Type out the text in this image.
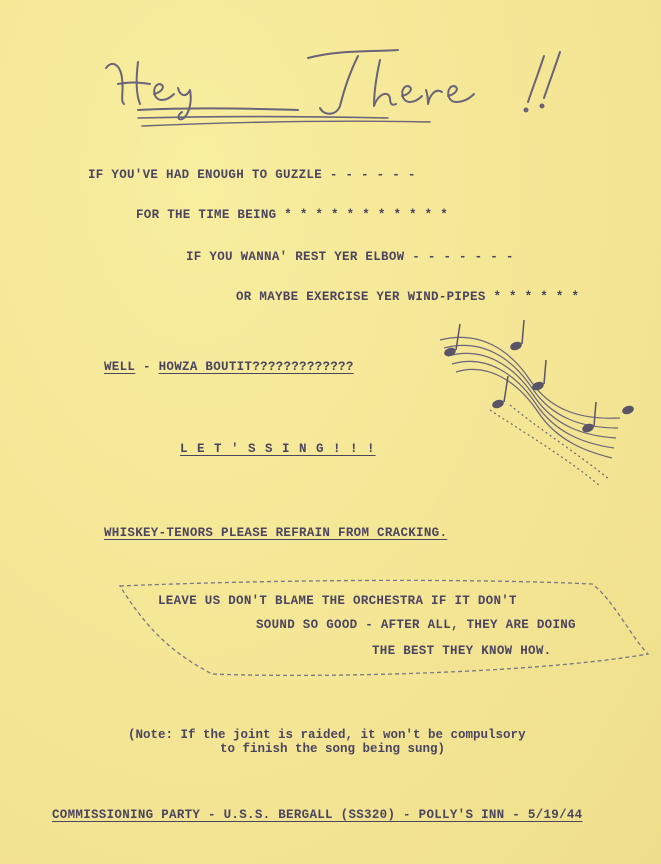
IF YOU'VE HAD ENOUGH TO GUZZLE - - - - - -
FOR THE TIME BEING * * * * * * * * * * *
IF YOU WANNA' REST YER ELBOW - - - - - - -
OR MAYBE EXERCISE YER WIND-PIPES * * * * * *
WELL - HOWZA BOUTIT?????????????
L E T ' S S I N G ! ! !
WHISKEY-TENORS PLEASE REFRAIN FROM CRACKING.
LEAVE US DON'T BLAME THE ORCHESTRA IF IT DON'T
SOUND SO GOOD - AFTER ALL, THEY ARE DOING
THE BEST THEY KNOW HOW.
(Note: If the joint is raided, it won't be compulsory
to finish the song being sung)
COMMISSIONING PARTY - U.S.S. BERGALL (SS320) - POLLY'S INN - 5/19/44
